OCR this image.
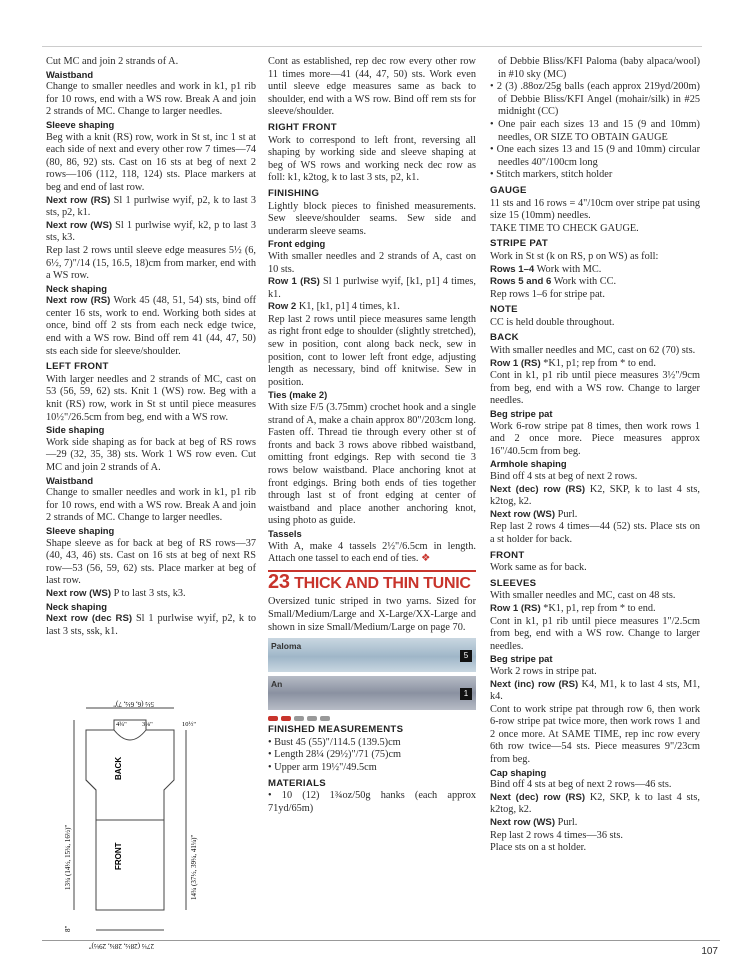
Cut MC and join 2 strands of A.

Waistband

Change to smaller needles and work in k1, p1 rib for 10 rows, end with a WS row. Break A and join 2 strands of MC. Change to larger needles.

Sleeve shaping

Beg with a knit (RS) row, work in St st, inc 1 st at each side of next and every other row 7 times—74 (80, 86, 92) sts. Cast on 16 sts at beg of next 2 rows—106 (112, 118, 124) sts. Place markers at beg and end of last row.

Next row (RS) Sl 1 purlwise wyif, p2, k to last 3 sts, p2, k1.

Next row (WS) Sl 1 purlwise wyif, k2, p to last 3 sts, k3.

Rep last 2 rows until sleeve edge measures 5½ (6, 6½, 7)"/14 (15, 16.5, 18)cm from marker, end with a WS row.

Neck shaping

Next row (RS) Work 45 (48, 51, 54) sts, bind off center 16 sts, work to end. Working both sides at once, bind off 2 sts from each neck edge twice, end with a WS row. Bind off rem 41 (44, 47, 50) sts each side for sleeve/shoulder.

LEFT FRONT

With larger needles and 2 strands of MC, cast on 53 (56, 59, 62) sts. Knit 1 (WS) row. Beg with a knit (RS) row, work in St st until piece measures 10½"/26.5cm from beg, end with a WS row.

Side shaping

Work side shaping as for back at beg of RS rows—29 (32, 35, 38) sts. Work 1 WS row even. Cut MC and join 2 strands of A.

Waistband

Change to smaller needles and work in k1, p1 rib for 10 rows, end with a WS row. Break A and join 2 strands of MC. Change to larger needles.

Sleeve shaping

Shape sleeve as for back at beg of RS rows—37 (40, 43, 46) sts. Cast on 16 sts at beg of next RS row—53 (56, 59, 62) sts. Place marker at beg of last row.

Next row (WS) P to last 3 sts, k3.

Neck shaping

Next row (dec RS) Sl 1 purlwise wyif, p2, k to last 3 sts, ssk, k1.

BACK
FRONT
5½ (6, 6½, 7)"
4¾" 3⅛"	10½"
13¾ (14½, 15¾, 16½)"
8"
14¾ (37½, 39¼, 41¼)"
27½ (28½, 28¾, 29½)"

Cont as established, rep dec row every other row 11 times more—41 (44, 47, 50) sts. Work even until sleeve edge measures same as back to shoulder, end with a WS row. Bind off rem sts for sleeve/shoulder.

RIGHT FRONT

Work to correspond to left front, reversing all shaping by working side and sleeve shaping at beg of WS rows and working neck dec row as foll: k1, k2tog, k to last 3 sts, p2, k1.

FINISHING

Lightly block pieces to finished measurements. Sew sleeve/shoulder seams. Sew side and underarm sleeve seams.

Front edging

With smaller needles and 2 strands of A, cast on 10 sts.

Row 1 (RS) Sl 1 purlwise wyif, [k1, p1] 4 times, k1.

Row 2 K1, [k1, p1] 4 times, k1.

Rep last 2 rows until piece measures same length as right front edge to shoulder (slightly stretched), sew in position, cont along back neck, sew in position, cont to lower left front edge, adjusting length as necessary, bind off knitwise. Sew in position.

Ties (make 2)

With size F/5 (3.75mm) crochet hook and a single strand of A, make a chain approx 80"/203cm long. Fasten off. Thread tie through every other st of fronts and back 3 rows above ribbed waistband, omitting front edgings. Rep with second tie 3 rows below waistband. Place anchoring knot at front edgings. Bring both ends of ties together through last st of front edging at center of waistband and place another anchoring knot, using photo as guide.

Tassels

With A, make 4 tassels 2½"/6.5cm in length. Attach one tassel to each end of ties. ❖

23 THICK AND THIN TUNIC

Oversized tunic striped in two yarns. Sized for Small/Medium/Large and X-Large/XX-Large and shown in size Small/Medium/Large on page 70.

Paloma
5
An
1
FINISHED MEASUREMENTS

• Bust 45 (55)"/114.5 (139.5)cm

• Length 28¼ (29½)"/71 (75)cm

• Upper arm 19½"/49.5cm

MATERIALS

• 10 (12) 1¾oz/50g hanks (each approx 71yd/65m)

of Debbie Bliss/KFI Paloma (baby alpaca/wool) in #10 sky (MC)

• 2 (3) .88oz/25g balls (each approx 219yd/200m) of Debbie Bliss/KFI Angel (mohair/silk) in #25 midnight (CC)

• One pair each sizes 13 and 15 (9 and 10mm) needles, OR SIZE TO OBTAIN GAUGE

• One each sizes 13 and 15 (9 and 10mm) circular needles 40"/100cm long

• Stitch markers, stitch holder

GAUGE

11 sts and 16 rows = 4"/10cm over stripe pat using size 15 (10mm) needles.

TAKE TIME TO CHECK GAUGE.

STRIPE PAT

Work in St st (k on RS, p on WS) as foll:

Rows 1–4 Work with MC.

Rows 5 and 6 Work with CC.

Rep rows 1–6 for stripe pat.

NOTE

CC is held double throughout.

BACK

With smaller needles and MC, cast on 62 (70) sts.

Row 1 (RS) *K1, p1; rep from * to end.

Cont in k1, p1 rib until piece measures 3½"/9cm from beg, end with a WS row. Change to larger needles.

Beg stripe pat

Work 6-row stripe pat 8 times, then work rows 1 and 2 once more. Piece measures approx 16"/40.5cm from beg.

Armhole shaping

Bind off 4 sts at beg of next 2 rows.

Next (dec) row (RS) K2, SKP, k to last 4 sts, k2tog, k2.

Next row (WS) Purl.

Rep last 2 rows 4 times—44 (52) sts. Place sts on a st holder for back.

FRONT

Work same as for back.

SLEEVES

With smaller needles and MC, cast on 48 sts.

Row 1 (RS) *K1, p1, rep from * to end.

Cont in k1, p1 rib until piece measures 1"/2.5cm from beg, end with a WS row. Change to larger needles.

Beg stripe pat

Work 2 rows in stripe pat.

Next (inc) row (RS) K4, M1, k to last 4 sts, M1, k4.

Cont to work stripe pat through row 6, then work 6-row stripe pat twice more, then work rows 1 and 2 once more. At SAME TIME, rep inc row every 6th row twice—54 sts. Piece measures 9"/23cm from beg.

Cap shaping

Bind off 4 sts at beg of next 2 rows—46 sts.

Next (dec) row (RS) K2, SKP, k to last 4 sts, k2tog, k2.

Next row (WS) Purl.

Rep last 2 rows 4 times—36 sts.

Place sts on a st holder.

107
